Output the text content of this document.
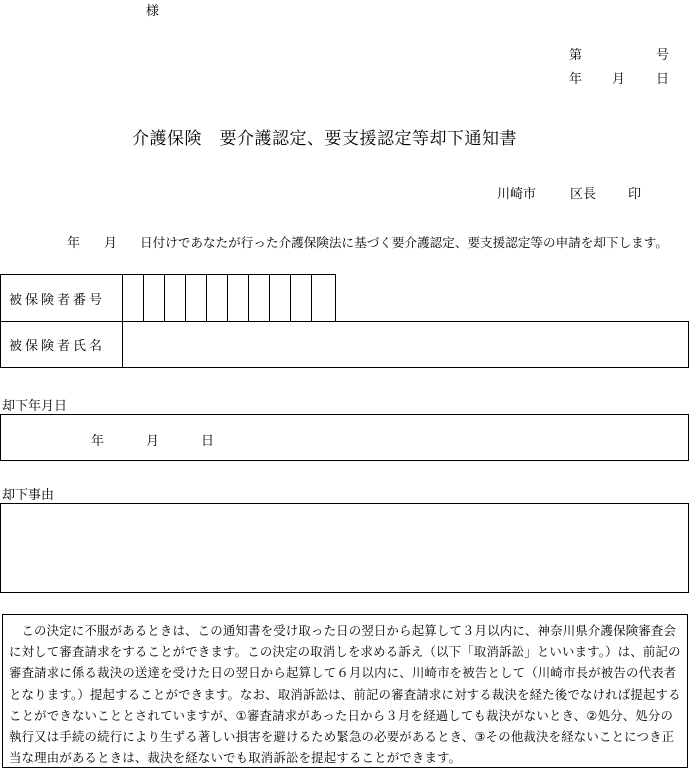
様
第	号
年 月 日
介護保険　要介護認定、要支援認定等却下通知書
川崎市	区長 印
年 月 日付けであなたが行った介護保険法に基づく要介護認定、要支援認定等の申請を却下します。
被保険者番号
被保険者氏名
却下年月日
年	月	日
却下事由
この決定に不服があるときは、この通知書を受け取った日の翌日から起算して３月以内に、神奈川県介護保険審査会に対して審査請求をすることができます。この決定の取消しを求める訴え（以下「取消訴訟」といいます。）は、前記の審査請求に係る裁決の送達を受けた日の翌日から起算して６月以内に、川崎市を被告として（川崎市長が被告の代表者となります。）提起することができます。なお、取消訴訟は、前記の審査請求に対する裁決を経た後でなければ提起することができないこととされていますが、①審査請求があった日から３月を経過しても裁決がないとき、②処分、処分の執行又は手続の続行により生ずる著しい損害を避けるため緊急の必要があるとき、③その他裁決を経ないことにつき正当な理由があるときは、裁決を経ないでも取消訴訟を提起することができます。
